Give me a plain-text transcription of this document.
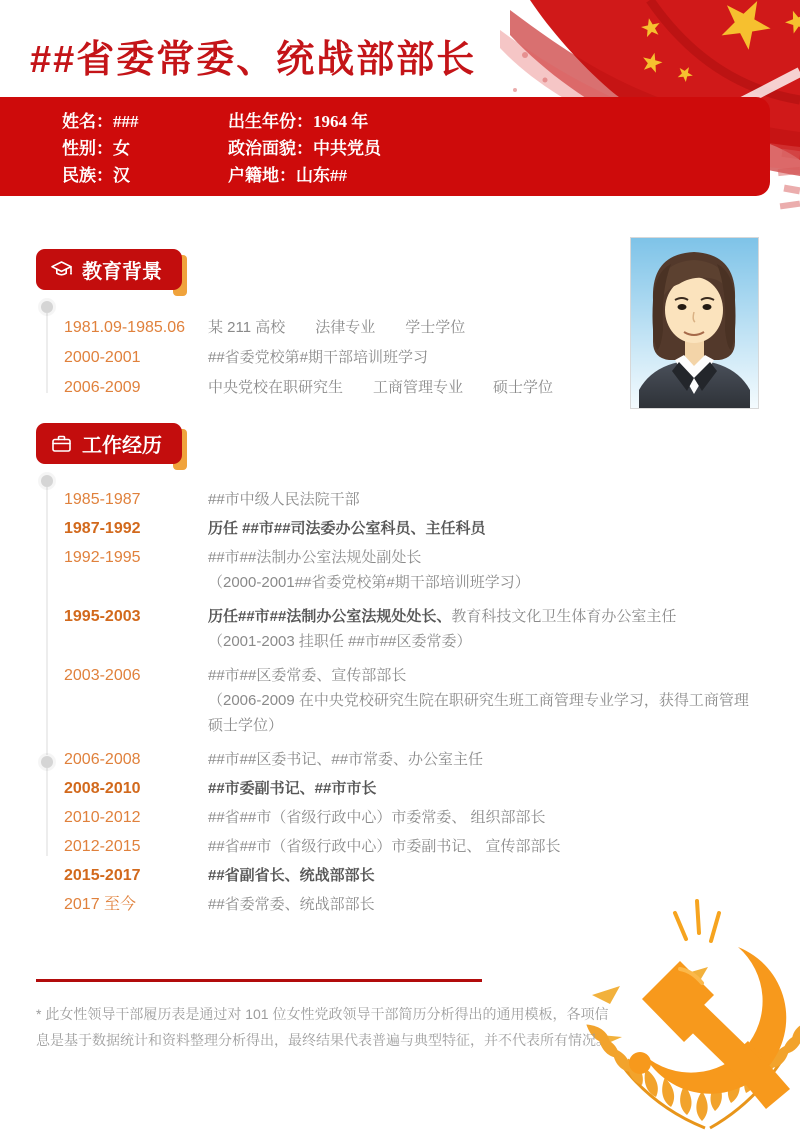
##省委常委、统战部部长
姓名：###
性别：女
民族：汉
出生年份：1964 年
政治面貌：中共党员
户籍地：山东##
教育背景
1981.09-1985.06	某 211 高校　　法律专业　　学士学位
2000-2001	##省委党校第#期干部培训班学习
2006-2009	中央党校在职研究生　　工商管理专业　　硕士学位
工作经历
1985-1987	##市中级人民法院干部
1987-1992	历任 ##市##司法委办公室科员、主任科员
1992-1995	##市##法制办公室法规处副处长
（2000-2001##省委党校第#期干部培训班学习）
1995-2003	历任##市##法制办公室法规处处长、教育科技文化卫生体育办公室主任
（2001-2003 挂职任 ##市##区委常委）
2003-2006	##市##区委常委、宣传部部长
（2006-2009 在中央党校研究生院在职研究生班工商管理专业学习，获得工商管理
硕士学位）
2006-2008	##市##区委书记、##市常委、办公室主任
2008-2010	##市委副书记、##市市长
2010-2012	##省##市（省级行政中心）市委常委、 组织部部长
2012-2015	##省##市（省级行政中心）市委副书记、 宣传部部长
2015-2017	##省副省长、统战部部长
2017 至今	##省委常委、统战部部长

* 此女性领导干部履历表是通过对 101 位女性党政领导干部简历分析得出的通用模板，各项信息是基于数据统计和资料整理分析得出，最终结果代表普遍与典型特征，并不代表所有情况。
